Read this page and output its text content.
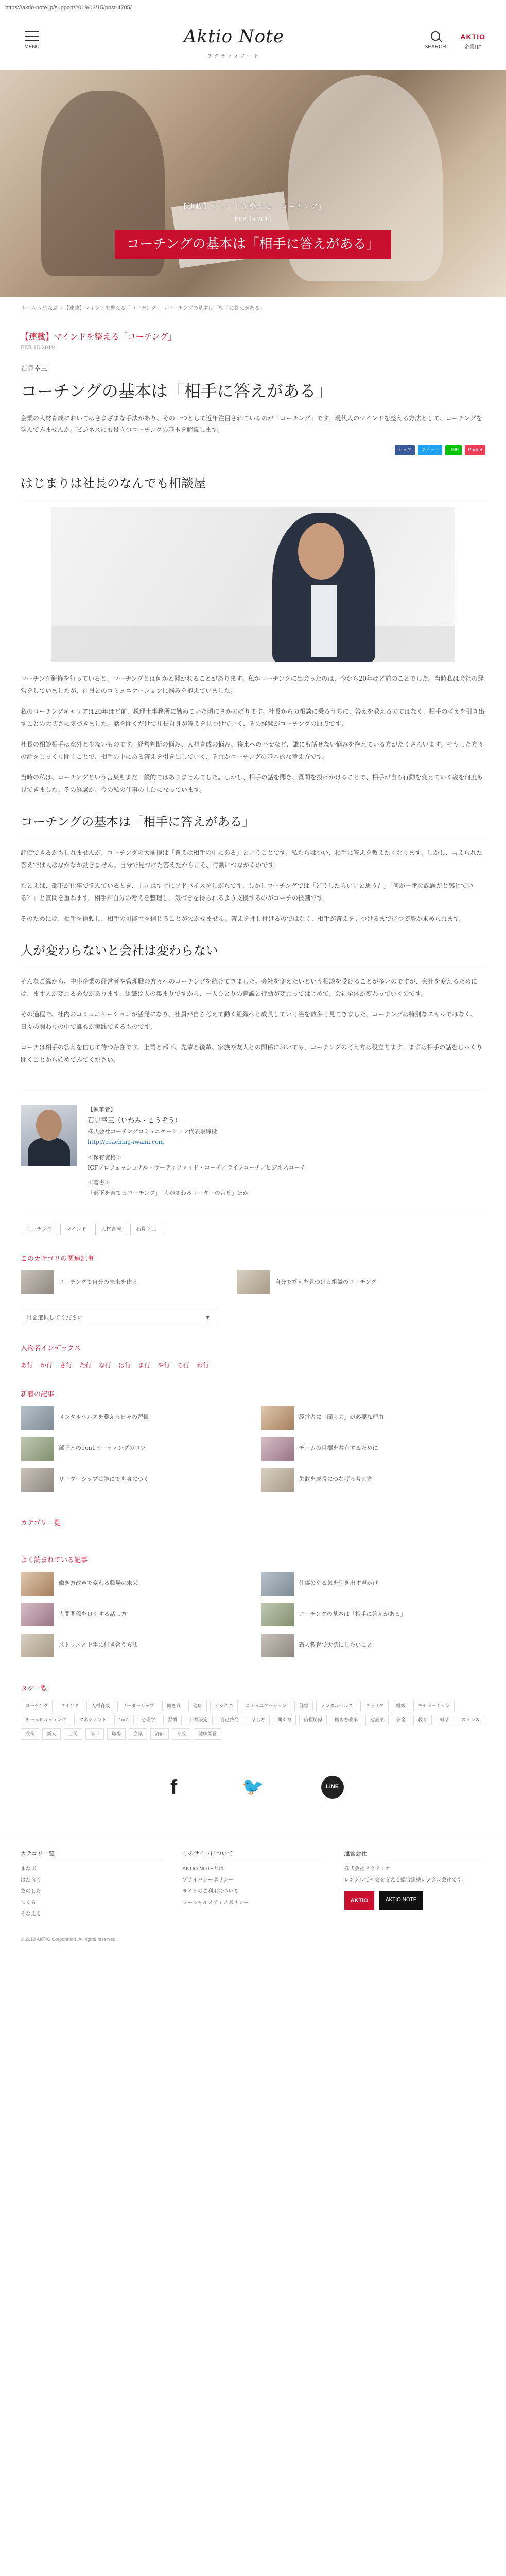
https://aktio-note.jp/support/2019/02/15/post-4705/
MENU
Aktio Note
アクティオノート
SEARCH
AKTIO
企業HP
【連載】マインドを整える「コーチング」
FEB.15.2019
コーチングの基本は「相手に答えがある」
ホーム › まなぶ › 【連載】マインドを整える「コーチング」 › コーチングの基本は「相手に答えがある」
【連載】マインドを整える「コーチング」
FEB.15.2019
石見幸三
コーチングの基本は「相手に答えがある」

企業の人材育成においてはさまざまな手法があり、その一つとして近年注目されているのが「コーチング」です。現代人のマインドを整える方法として、コーチングを学んでみませんか。ビジネスにも役立つコーチングの基本を解説します。

シェア	ツイート	LINE	Pocket
はじまりは社長のなんでも相談屋

コーチング研修を行っていると、コーチングとは何かと聞かれることがあります。私がコーチングに出会ったのは、今から20年ほど前のことでした。当時私は会社の経営をしていましたが、社員とのコミュニケーションに悩みを抱えていました。

私のコーチングキャリアは20年ほど前、税理士事務所に勤めていた頃にさかのぼります。社長からの相談に乗るうちに、答えを教えるのではなく、相手の考えを引き出すことの大切さに気づきました。話を聞くだけで社長自身が答えを見つけていく、その経験がコーチングの原点です。

社長の相談相手は意外と少ないものです。経営判断の悩み、人材育成の悩み、将来への不安など、誰にも話せない悩みを抱えている方がたくさんいます。そうした方々の話をじっくり聞くことで、相手の中にある答えを引き出していく、それがコーチングの基本的な考え方です。

当時の私は、コーチングという言葉もまだ一般的ではありませんでした。しかし、相手の話を聞き、質問を投げかけることで、相手が自ら行動を変えていく姿を何度も見てきました。その経験が、今の私の仕事の土台になっています。

コーチングの基本は「相手に答えがある」

評価できるかもしれませんが、コーチングの大前提は「答えは相手の中にある」ということです。私たちはつい、相手に答えを教えたくなります。しかし、与えられた答えでは人はなかなか動きません。自分で見つけた答えだからこそ、行動につながるのです。

たとえば、部下が仕事で悩んでいるとき、上司はすぐにアドバイスをしがちです。しかしコーチングでは「どうしたらいいと思う？」「何が一番の課題だと感じている？」と質問を重ねます。相手が自分の考えを整理し、気づきを得られるよう支援するのがコーチの役割です。

そのためには、相手を信頼し、相手の可能性を信じることが欠かせません。答えを押し付けるのではなく、相手が答えを見つけるまで待つ姿勢が求められます。

人が変わらないと会社は変わらない

そんなご縁から、中小企業の経営者や管理職の方々へのコーチングを続けてきました。会社を変えたいという相談を受けることが多いのですが、会社を変えるためには、まず人が変わる必要があります。組織は人の集まりですから、一人ひとりの意識と行動が変わってはじめて、会社全体が変わっていくのです。

その過程で、社内のコミュニケーションが活発になり、社員が自ら考えて動く組織へと成長していく姿を数多く見てきました。コーチングは特別なスキルではなく、日々の関わりの中で誰もが実践できるものです。

コーチは相手の答えを信じて待つ存在です。上司と部下、先輩と後輩、家族や友人との関係においても、コーチングの考え方は役立ちます。まずは相手の話をじっくり聞くことから始めてみてください。

【執筆者】
石見幸三（いわみ・こうぞう）
株式会社コーチングコミュニケーション代表取締役
http://coaching-iwami.com
＜保有資格＞
ICFプロフェッショナル・サーティファイド・コーチ／ライフコーチ／ビジネスコーチ
＜著書＞
「部下を育てるコーチング」「人が変わるリーダーの言葉」ほか
コーチング	マインド	人材育成	石見幸三
このカテゴリの関連記事
コーチングで自分の未来を作る	自分で答えを見つける組織のコーチング
月を選択してください	▼
人物名インデックス
あ行 か行 さ行 た行 な行 は行 ま行 や行 ら行 わ行
新着の記事
メンタルヘルスを整える日々の習慣	経営者に「聞く力」が必要な理由
部下との1on1ミーティングのコツ	チームの目標を共有するために
リーダーシップは誰にでも身につく	失敗を成長につなげる考え方
カテゴリ一覧
よく読まれている記事
働き方改革で変わる職場の未来	仕事のやる気を引き出す声かけ
人間関係を良くする話し方	コーチングの基本は「相手に答えがある」
ストレスと上手に付き合う方法	新人教育で大切にしたいこと
タグ一覧
コーチング	マインド	人材育成	リーダーシップ	働き方	健康	ビジネス	コミュニケーション	経営	メンタルヘルス	キャリア	組織	モチベーション
チームビルディング	マネジメント	1on1	心理学	習慣	目標設定	自己啓発	話し方	聞く力	信頼関係	働き方改革	建設業	安全	教育	対話	ストレス
成長	新人	上司	部下	職場	会議	評価	育成	健康経営
f	🐦	LINE
カテゴリ一覧
まなぶ
はたらく
たのしむ
つくる
そなえる
このサイトについて
AKTIO NOTEとは
プライバシーポリシー
サイトのご利用について
ソーシャルメディアポリシー
運営会社
株式会社アクティオ
レンタルで社会を支える総合建機レンタル会社です。
AKTIO	AKTIO NOTE
© 2019 AKTIO Corporation. All rights reserved.
